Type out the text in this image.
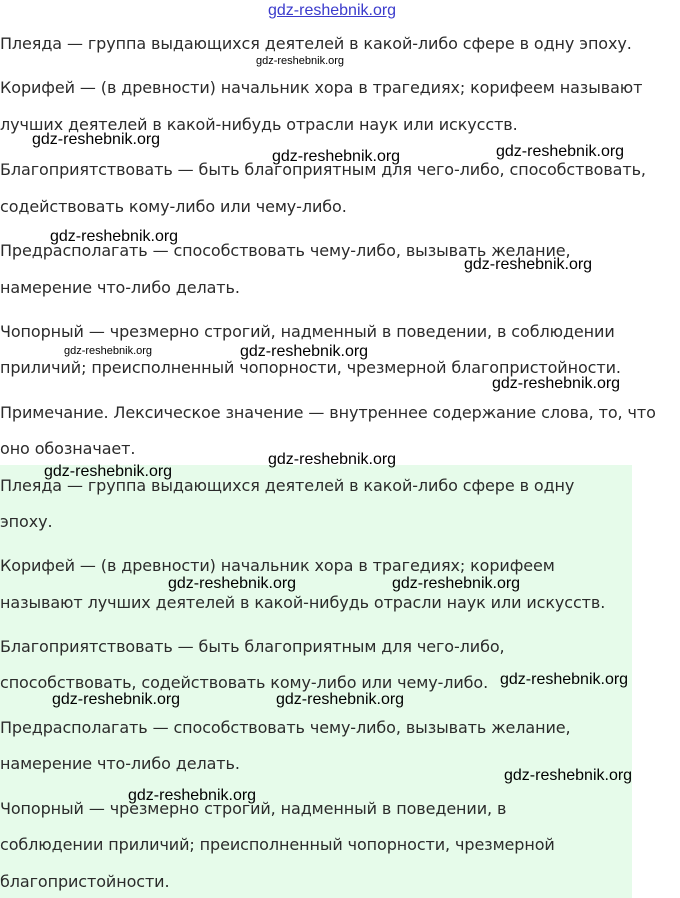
gdz-reshebnik.org
Плеяда — группа выдающихся деятелей в какой-либо сфере в одну эпоху.
Корифей — (в древности) начальник хора в трагедиях; корифеем называют
лучших деятелей в какой-нибудь отрасли наук или искусств.
Благоприятствовать — быть благоприятным для чего-либо, способствовать,
содействовать кому-либо или чему-либо.
Предрасполагать — способствовать чему-либо, вызывать желание,
намерение что-либо делать.
Чопорный — чрезмерно строгий, надменный в поведении, в соблюдении
приличий; преисполненный чопорности, чрезмерной благопристойности.
Примечание. Лексическое значение — внутреннее содержание слова, то, что
оно обозначает.
Плеяда — группа выдающихся деятелей в какой-либо сфере в одну
эпоху.
Корифей — (в древности) начальник хора в трагедиях; корифеем
называют лучших деятелей в какой-нибудь отрасли наук или искусств.
Благоприятствовать — быть благоприятным для чего-либо,
способствовать, содействовать кому-либо или чему-либо.
Предрасполагать — способствовать чему-либо, вызывать желание,
намерение что-либо делать.
Чопорный — чрезмерно строгий, надменный в поведении, в
соблюдении приличий; преисполненный чопорности, чрезмерной
благопристойности.
gdz-reshebnik.org
gdz-reshebnik.org
gdz-reshebnik.org	gdz-reshebnik.org
gdz-reshebnik.org
gdz-reshebnik.org
gdz-reshebnik.org	gdz-reshebnik.org
gdz-reshebnik.org
gdz-reshebnik.org
gdz-reshebnik.org
gdz-reshebnik.org	gdz-reshebnik.org
gdz-reshebnik.org
gdz-reshebnik.org	gdz-reshebnik.org
gdz-reshebnik.org
gdz-reshebnik.org
